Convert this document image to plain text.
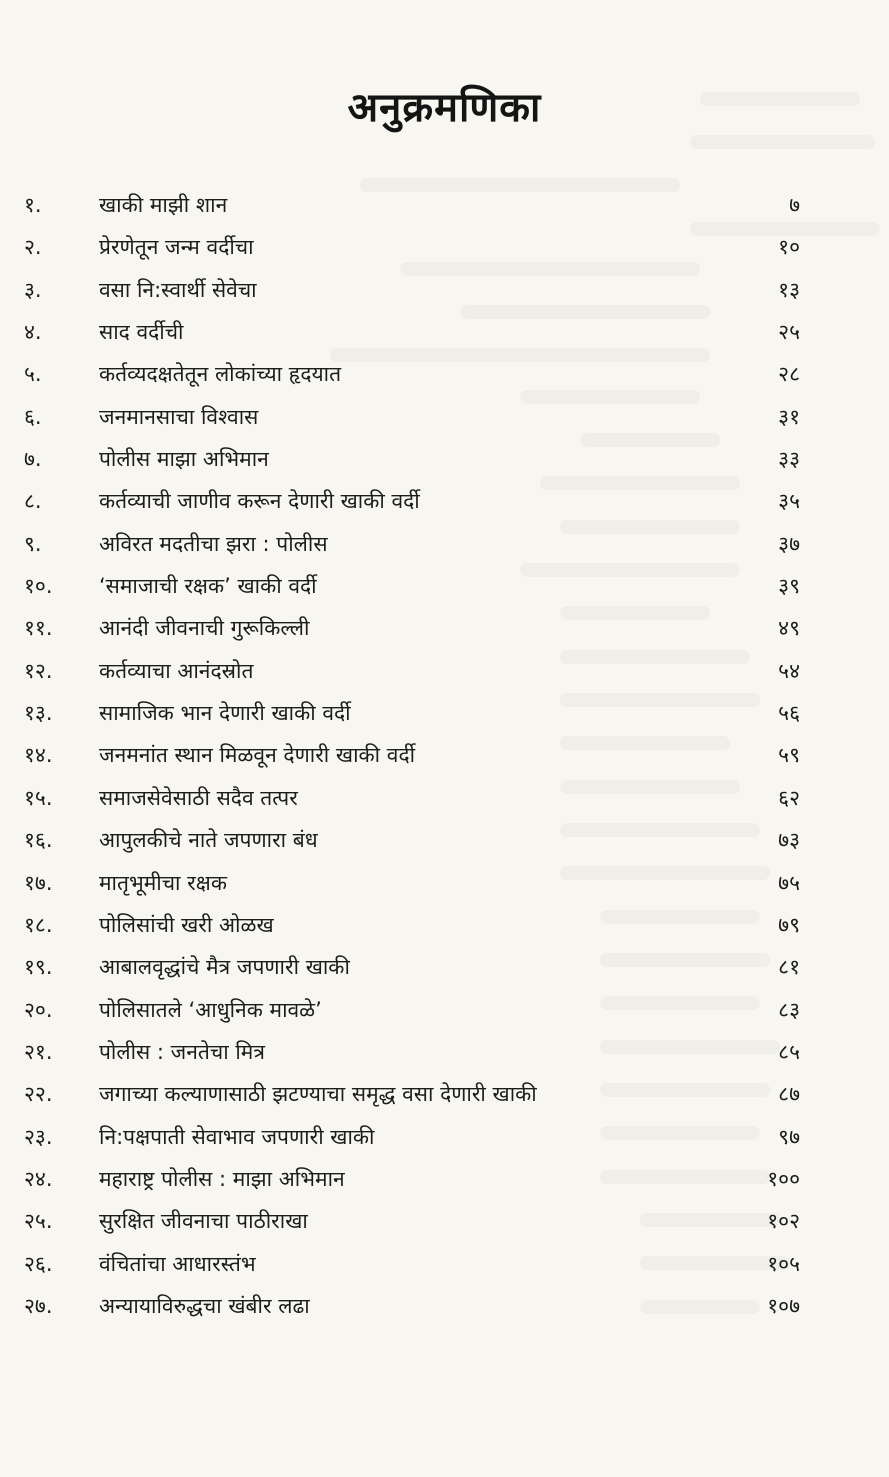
अनुक्रमणिका
१.	खाकी माझी शान	७
२.	प्रेरणेतून जन्म वर्दीचा	१०
३.	वसा नि:स्वार्थी सेवेचा	१३
४.	साद वर्दीची	२५
५.	कर्तव्यदक्षतेतून लोकांच्या हृदयात	२८
६.	जनमानसाचा विश्वास	३१
७.	पोलीस माझा अभिमान	३३
८.	कर्तव्याची जाणीव करून देणारी खाकी वर्दी	३५
९.	अविरत मदतीचा झरा : पोलीस	३७
१०. ‘समाजाची रक्षक’ खाकी वर्दी	३९
११. आनंदी जीवनाची गुरूकिल्ली	४९
१२. कर्तव्याचा आनंदस्रोत	५४
१३. सामाजिक भान देणारी खाकी वर्दी	५६
१४. जनमनांत स्थान मिळवून देणारी खाकी वर्दी	५९
१५. समाजसेवेसाठी सदैव तत्पर	६२
१६. आपुलकीचे नाते जपणारा बंध	७३
१७. मातृभूमीचा रक्षक	७५
१८. पोलिसांची खरी ओळख	७९
१९. आबालवृद्धांचे मैत्र जपणारी खाकी	८१
२०. पोलिसातले ‘आधुनिक मावळे’	८३
२१. पोलीस : जनतेचा मित्र	८५
२२. जगाच्या कल्याणासाठी झटण्याचा समृद्ध वसा देणारी खाकी	८७
२३. नि:पक्षपाती सेवाभाव जपणारी खाकी	९७
२४. महाराष्ट्र पोलीस : माझा अभिमान	१००
२५. सुरक्षित जीवनाचा पाठीराखा	१०२
२६. वंचितांचा आधारस्तंभ	१०५
२७. अन्यायाविरुद्धचा खंबीर लढा	१०७
